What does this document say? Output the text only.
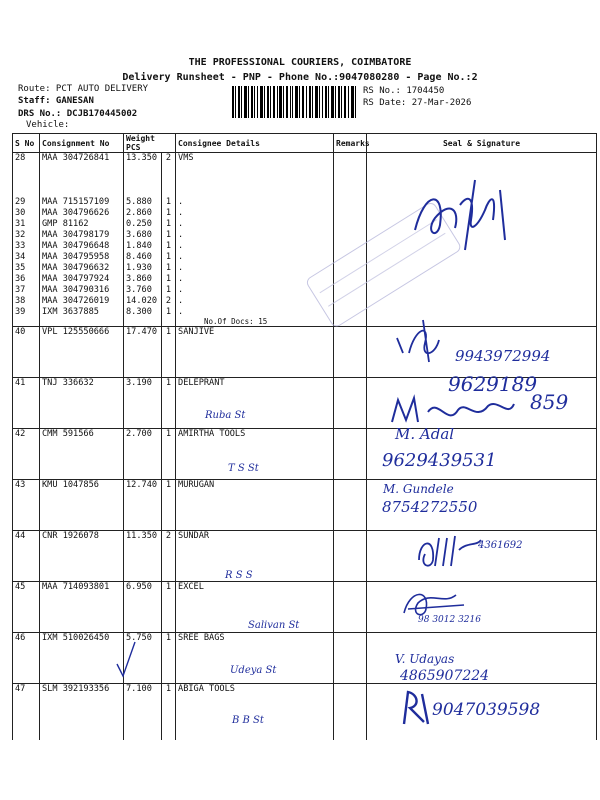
THE PROFESSIONAL COURIERS, COIMBATORE
Delivery Runsheet - PNP - Phone No.:9047080280 - Page No.:2
Route: PCT AUTO DELIVERY
Staff: GANESAN
DRS No.: DCJB170445002
Vehicle:
RS No.: 1704450
RS Date: 27-Mar-2026
S No	Consignment No	Weight PCS		Consignee Details	Remarks	Seal & Signature
28	MAA 304726841	13.350	2	VMS		
29	MAA 715157109	5.880	1	.		
30	MAA 304796626	2.860	1	.		
31	GMP 81162	0.250	1	.		
32	MAA 304798179	3.680	1	.		
33	MAA 304796648	1.840	1	.		
34	MAA 304795958	8.460	1	.		
35	MAA 304796632	1.930	1	.		
36	MAA 304797924	3.860	1	.		
37	MAA 304790316	3.760	1	.		
38	MAA 304726019	14.020	2	.		
39	IXM 3637885	8.300	1	.
No.Of Docs: 15		

40	VPL 125550666	17.470	1	SANJIVE		
41	TNJ 336632	3.190	1	DELEPRANT		
42	CMM 591566	2.700	1	AMIRTHA TOOLS		
43	KMU 1047856	12.740	1	MURUGAN		
44	CNR 1926078	11.350	2	SUNDAR		
45	MAA 714093801	6.950	1	EXCEL		
46	IXM 510026450	5.750	1	SREE BAGS		
47	SLM 392193356	7.100	1	ABIGA TOOLS		
9943972994
9629189
859
Ruba St
M. Adal
9629439531
T S St
M. Gundele
8754272550
4361692
R S S
98 3012 3216
Salivan St
V. Udayas
4865907224
Udeya St
9047039598
B B St
